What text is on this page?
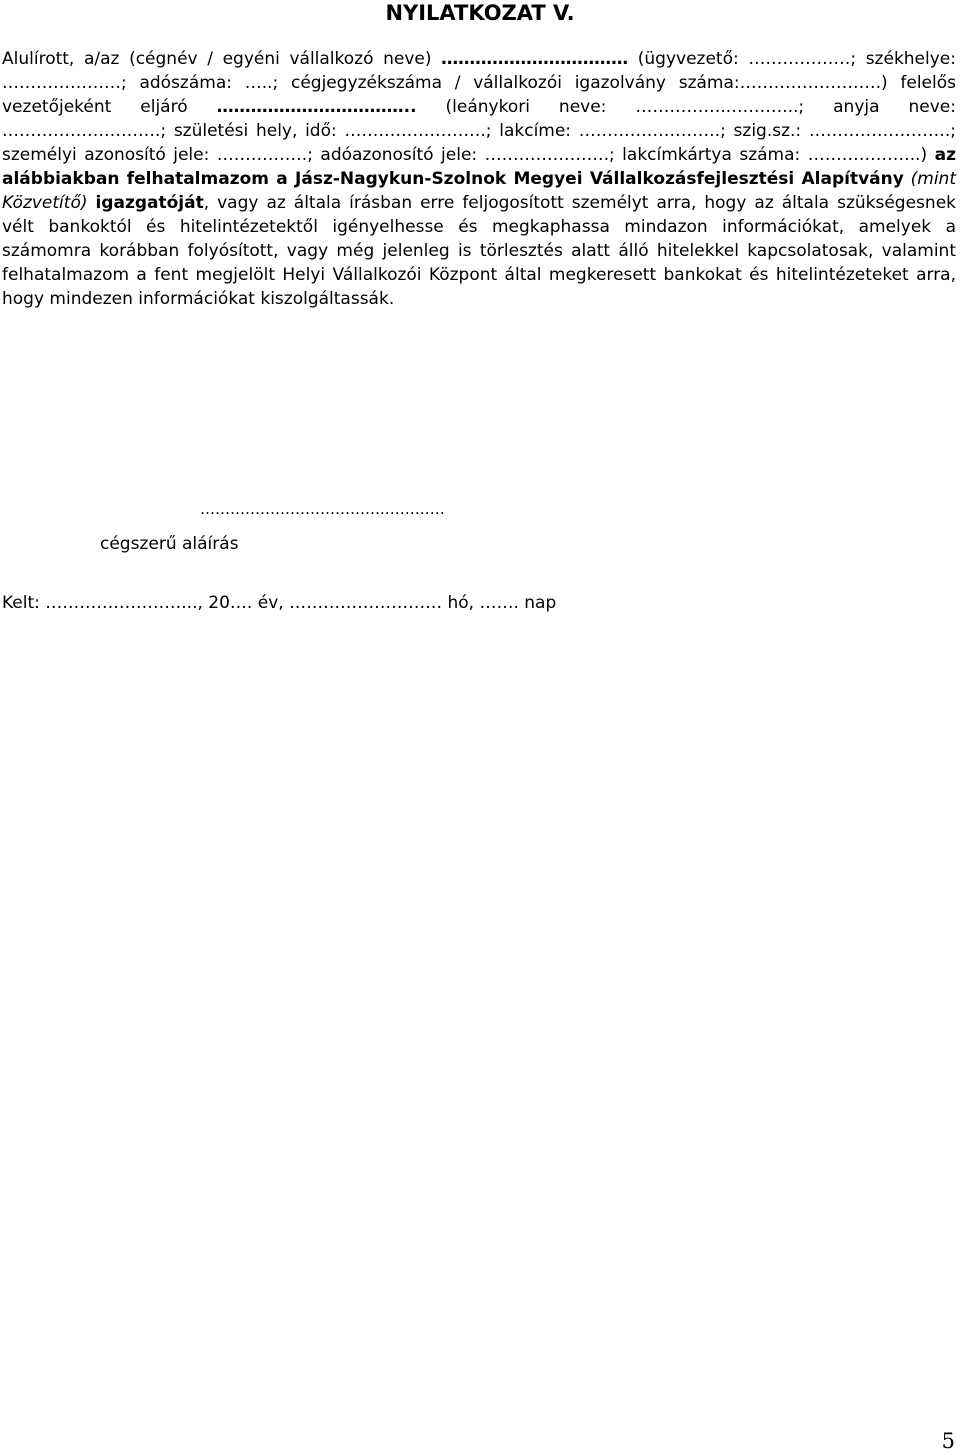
NYILATKOZAT V.

Alulírott, a/az (cégnév / egyéni vállalkozó neve) …………………………… (ügyvezető: ………………; székhelye: …………………; adószáma: …..; cégjegyzékszáma / vállalkozói igazolvány száma:…………………….) felelős vezetőjeként eljáró …………………………….. (leánykori neve: ……………..………...; anyja neve: ……………………….; születési hely, idő: …………………….; lakcíme: …………………….; szig.sz.: …………………….; személyi azonosító jele: …………….; adóazonosító jele: ………………….; lakcímkártya száma: ………………..) az alábbiakban felhatalmazom a Jász-Nagykun-Szolnok Megyei Vállalkozásfejlesztési Alapítvány (mint Közvetítő) igazgatóját, vagy az általa írásban erre feljogosított személyt arra, hogy az általa szükségesnek vélt bankoktól és hitelintézetektől igényelhesse és megkaphassa mindazon információkat, amelyek a számomra korábban folyósított, vagy még jelenleg is törlesztés alatt álló hitelekkel kapcsolatosak, valamint felhatalmazom a fent megjelölt Helyi Vállalkozói Központ által megkeresett bankokat és hitelintézeteket arra, hogy mindezen információkat kiszolgáltassák.

……………………………….…………
cégszerű aláírás
Kelt: ……………………..., 20…. év, ……………………… hó, ……. nap
5
